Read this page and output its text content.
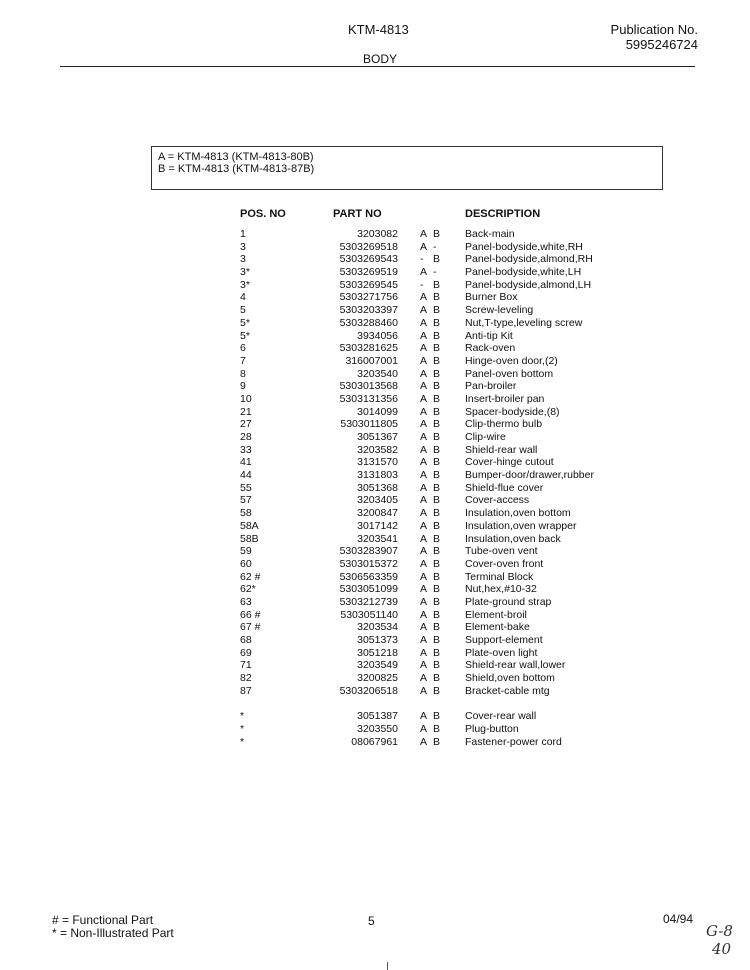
KTM-4813	Publication No.
5995246724
BODY
A = KTM-4813 (KTM-4813-80B)
B = KTM-4813 (KTM-4813-87B)
POS. NO	PART NO	DESCRIPTION
1	3203082 A B Back-main
3	5303269518 A -	Panel-bodyside,white,RH
3	5303269543 - B Panel-bodyside,almond,RH
3*	5303269519 A -	Panel-bodyside,white,LH
3*	5303269545 - B Panel-bodyside,almond,LH
4	5303271756 A B Burner Box
5	5303203397 A B Screw-leveling
5*	5303288460 A B Nut,T-type,leveling screw
5*	3934056 A B Anti-tip Kit
6	5303281625 A B Rack-oven
7	316007001 A B Hinge-oven door,(2)
8	3203540 A B Panel-oven bottom
9	5303013568 A B Pan-broiler
10	5303131356 A B Insert-broiler pan
21	3014099 A B Spacer-bodyside,(8)
27	5303011805 A B Clip-thermo bulb
28	3051367 A B Clip-wire
33	3203582 A B Shield-rear wall
41	3131570 A B Cover-hinge cutout
44	3131803 A B Bumper-door/drawer,rubber
55	3051368 A B Shield-flue cover
57	3203405 A B Cover-access
58	3200847 A B Insulation,oven bottom
58A	3017142 A B Insulation,oven wrapper
58B	3203541 A B Insulation,oven back
59	5303283907 A B Tube-oven vent
60	5303015372 A B Cover-oven front
62 #	5306563359 A B Terminal Block
62*	5303051099 A B Nut,hex,#10-32
63	5303212739 A B Plate-ground strap
66 #	5303051140 A B Element-broil
67 #	3203534 A B Element-bake
68	3051373 A B Support-element
69	3051218 A B Plate-oven light
71	3203549 A B Shield-rear wall,lower
82	3200825 A B Shield,oven bottom
87	5303206518 A B Bracket-cable mtg
*	3051387 A B Cover-rear wall
*	3203550 A B Plug-button
*	08067961 A B Fastener-power cord
# = Functional Part
* = Non-Illustrated Part
5	04/94
G-8
40
